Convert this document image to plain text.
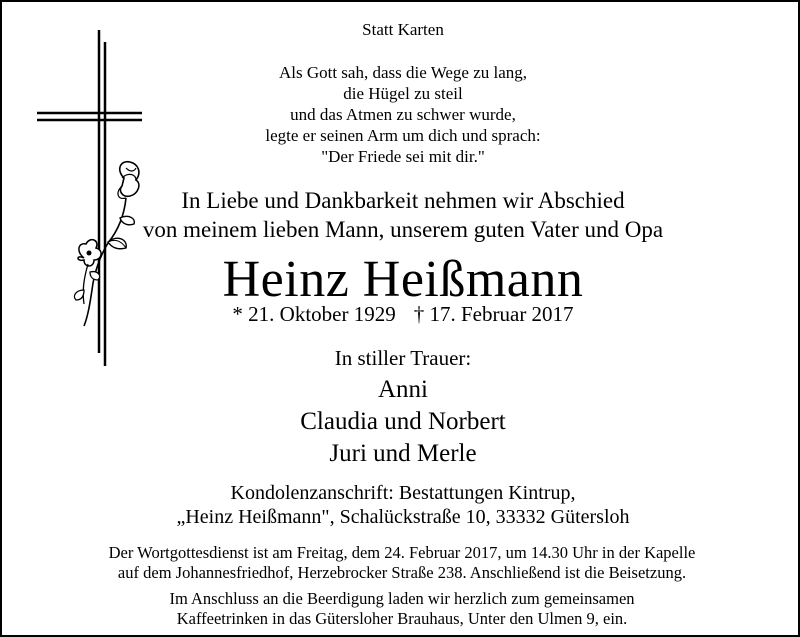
Statt Karten
Als Gott sah, dass die Wege zu lang,
die Hügel zu steil
und das Atmen zu schwer wurde,
legte er seinen Arm um dich und sprach:
"Der Friede sei mit dir."
In Liebe und Dankbarkeit nehmen wir Abschied
von meinem lieben Mann, unserem guten Vater und Opa
Heinz Heißmann
* 21. Oktober 1929 † 17. Februar 2017
In stiller Trauer:
Anni
Claudia und Norbert
Juri und Merle
Kondolenzanschrift: Bestattungen Kintrup,
„Heinz Heißmann", Schalückstraße 10, 33332 Gütersloh
Der Wortgottesdienst ist am Freitag, dem 24. Februar 2017, um 14.30 Uhr in der Kapelle
auf dem Johannesfriedhof, Herzebrocker Straße 238. Anschließend ist die Beisetzung.
Im Anschluss an die Beerdigung laden wir herzlich zum gemeinsamen
Kaffeetrinken in das Gütersloher Brauhaus, Unter den Ulmen 9, ein.
